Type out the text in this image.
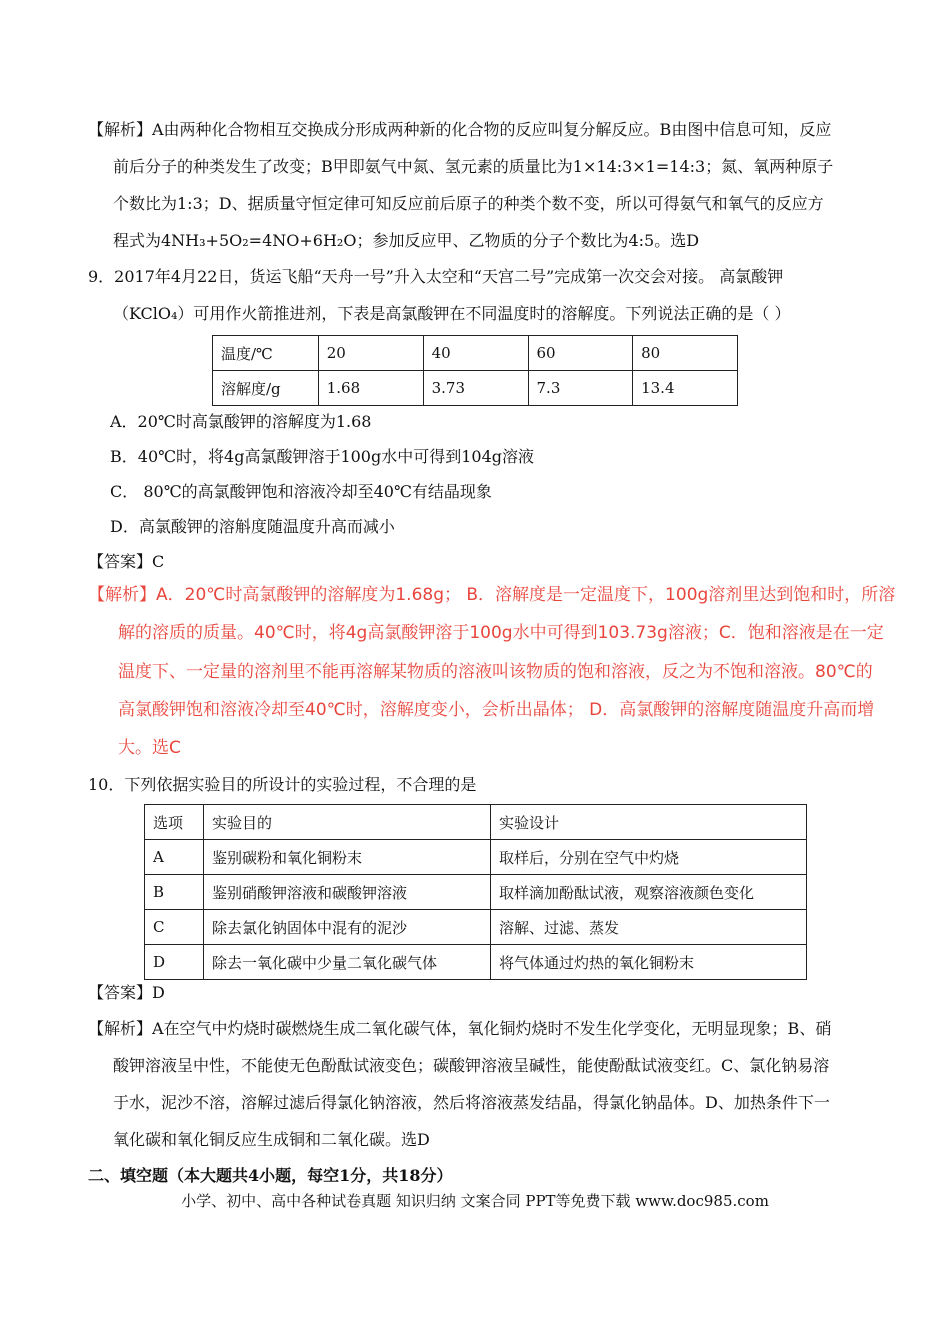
【解析】A由两种化合物相互交换成分形成两种新的化合物的反应叫复分解反应。B由图中信息可知，反应
前后分子的种类发生了改变；B甲即氨气中氮、氢元素的质量比为1×14:3×1=14:3；氮、氧两种原子
个数比为1:3；D、据质量守恒定律可知反应前后原子的种类个数不变，所以可得氨气和氧气的反应方
程式为4NH₃+5O₂=4NO+6H₂O；参加反应甲、乙物质的分子个数比为4:5。选D
9．2017年4月22日，货运飞船“天舟一号”升入太空和“天宫二号”完成第一次交会对接。 高氯酸钾
（KClO₄）可用作火箭推进剂，下表是高氯酸钾在不同温度时的溶解度。下列说法正确的是（ ）
温度/℃	20	40	60	80
溶解度/g	1.68	3.73	7.3	13.4
A．20℃时高氯酸钾的溶解度为1.68
B．40℃时，将4g高氯酸钾溶于100g水中可得到104g溶液
C． 80℃的高氯酸钾饱和溶液冷却至40℃有结晶现象
D．高氯酸钾的溶斛度随温度升高而减小
【答案】C
【解析】A．20℃时高氯酸钾的溶解度为1.68g； B．溶解度是一定温度下，100g溶剂里达到饱和时，所溶
解的溶质的质量。40℃时，将4g高氯酸钾溶于100g水中可得到103.73g溶液；C．饱和溶液是在一定
温度下、一定量的溶剂里不能再溶解某物质的溶液叫该物质的饱和溶液，反之为不饱和溶液。80℃的
高氯酸钾饱和溶液冷却至40℃时，溶解度变小，会析出晶体； D．高氯酸钾的溶解度随温度升高而增
大。选C
10．下列依据实验目的所设计的实验过程，不合理的是
选项	实验目的	实验设计
A	鉴别碳粉和氧化铜粉末	取样后，分别在空气中灼烧
B	鉴别硝酸钾溶液和碳酸钾溶液	取样滴加酚酞试液，观察溶液颜色变化
C	除去氯化钠固体中混有的泥沙	溶解、过滤、蒸发
D	除去一氧化碳中少量二氧化碳气体	将气体通过灼热的氧化铜粉末
【答案】D
【解析】A在空气中灼烧时碳燃烧生成二氧化碳气体，氧化铜灼烧时不发生化学变化，无明显现象；B、硝
酸钾溶液呈中性，不能使无色酚酞试液变色；碳酸钾溶液呈碱性，能使酚酞试液变红。C、氯化钠易溶
于水，泥沙不溶，溶解过滤后得氯化钠溶液，然后将溶液蒸发结晶，得氯化钠晶体。D、加热条件下一
氧化碳和氧化铜反应生成铜和二氧化碳。选D
二、填空题（本大题共4小题，每空1分，共18分）
小学、初中、高中各种试卷真题 知识归纳 文案合同 PPT等免费下载 www.doc985.com
